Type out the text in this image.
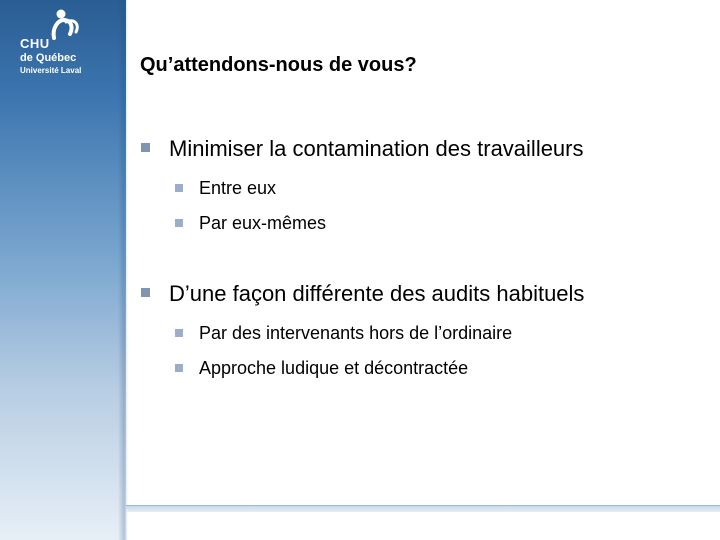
CHU
de Québec
Université Laval	Qu’attendons-nous de vous?
Minimiser la contamination des travailleurs
Entre eux
Par eux-mêmes
D’une façon différente des audits habituels
Par des intervenants hors de l’ordinaire
Approche ludique et décontractée
